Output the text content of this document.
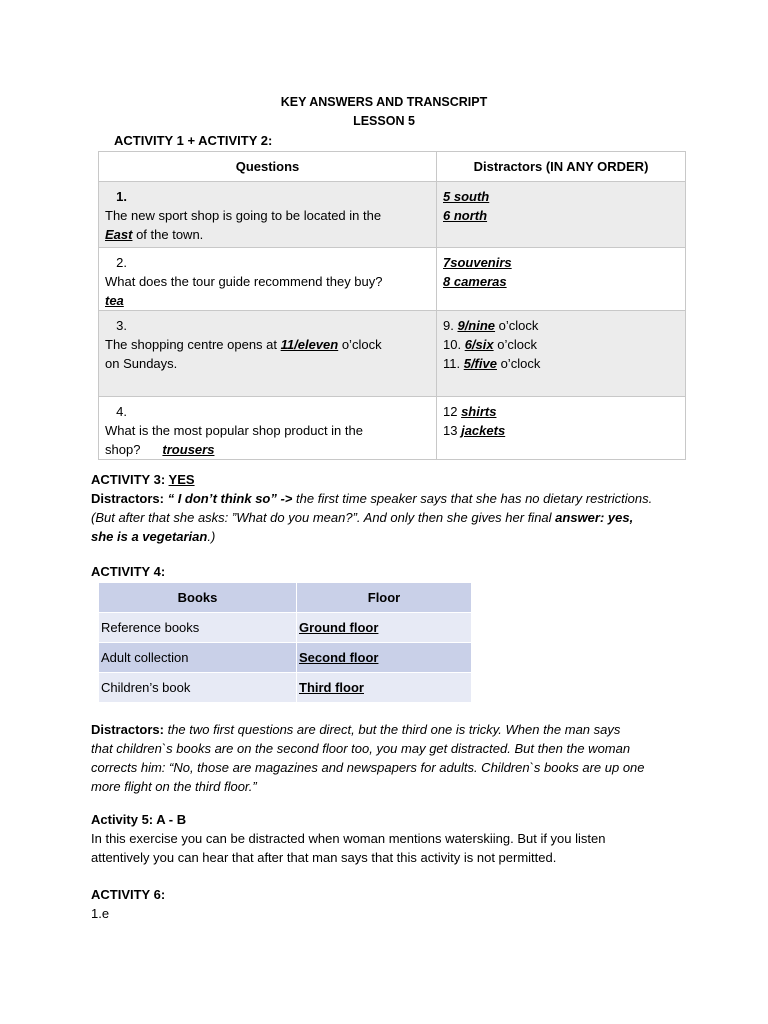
KEY ANSWERS AND TRANSCRIPT
LESSON 5
ACTIVITY 1 + ACTIVITY 2:
Questions	Distractors (IN ANY ORDER)
1.The new sport shop is going to be located in the
East of the town.	5 south
6 north
2.What does the tour guide recommend they buy?
tea	7souvenirs
8 cameras
3.The shopping centre opens at 11/eleven o’clock
on Sundays.	9. 9/nine o’clock
10. 6/six o’clock
11. 5/five o’clock
4.What is the most popular shop product in the
shop? trousers	12 shirts
13 jackets
ACTIVITY 3: YES
Distractors: “ I don’t think so” -> the first time speaker says that she has no dietary restrictions.
(But after that she asks: ”What do you mean?”. And only then she gives her final answer: yes,
she is a vegetarian.)
ACTIVITY 4:
Books	Floor
Reference books	Ground floor
Adult collection	Second floor
Children’s book	Third floor
Distractors: the two first questions are direct, but the third one is tricky. When the man says
that children`s books are on the second floor too, you may get distracted. But then the woman
corrects him: “No, those are magazines and newspapers for adults. Children`s books are up one
more flight on the third floor.”
Activity 5: A - B
In this exercise you can be distracted when woman mentions waterskiing. But if you listen
attentively you can hear that after that man says that this activity is not permitted.
ACTIVITY 6:
1.e
